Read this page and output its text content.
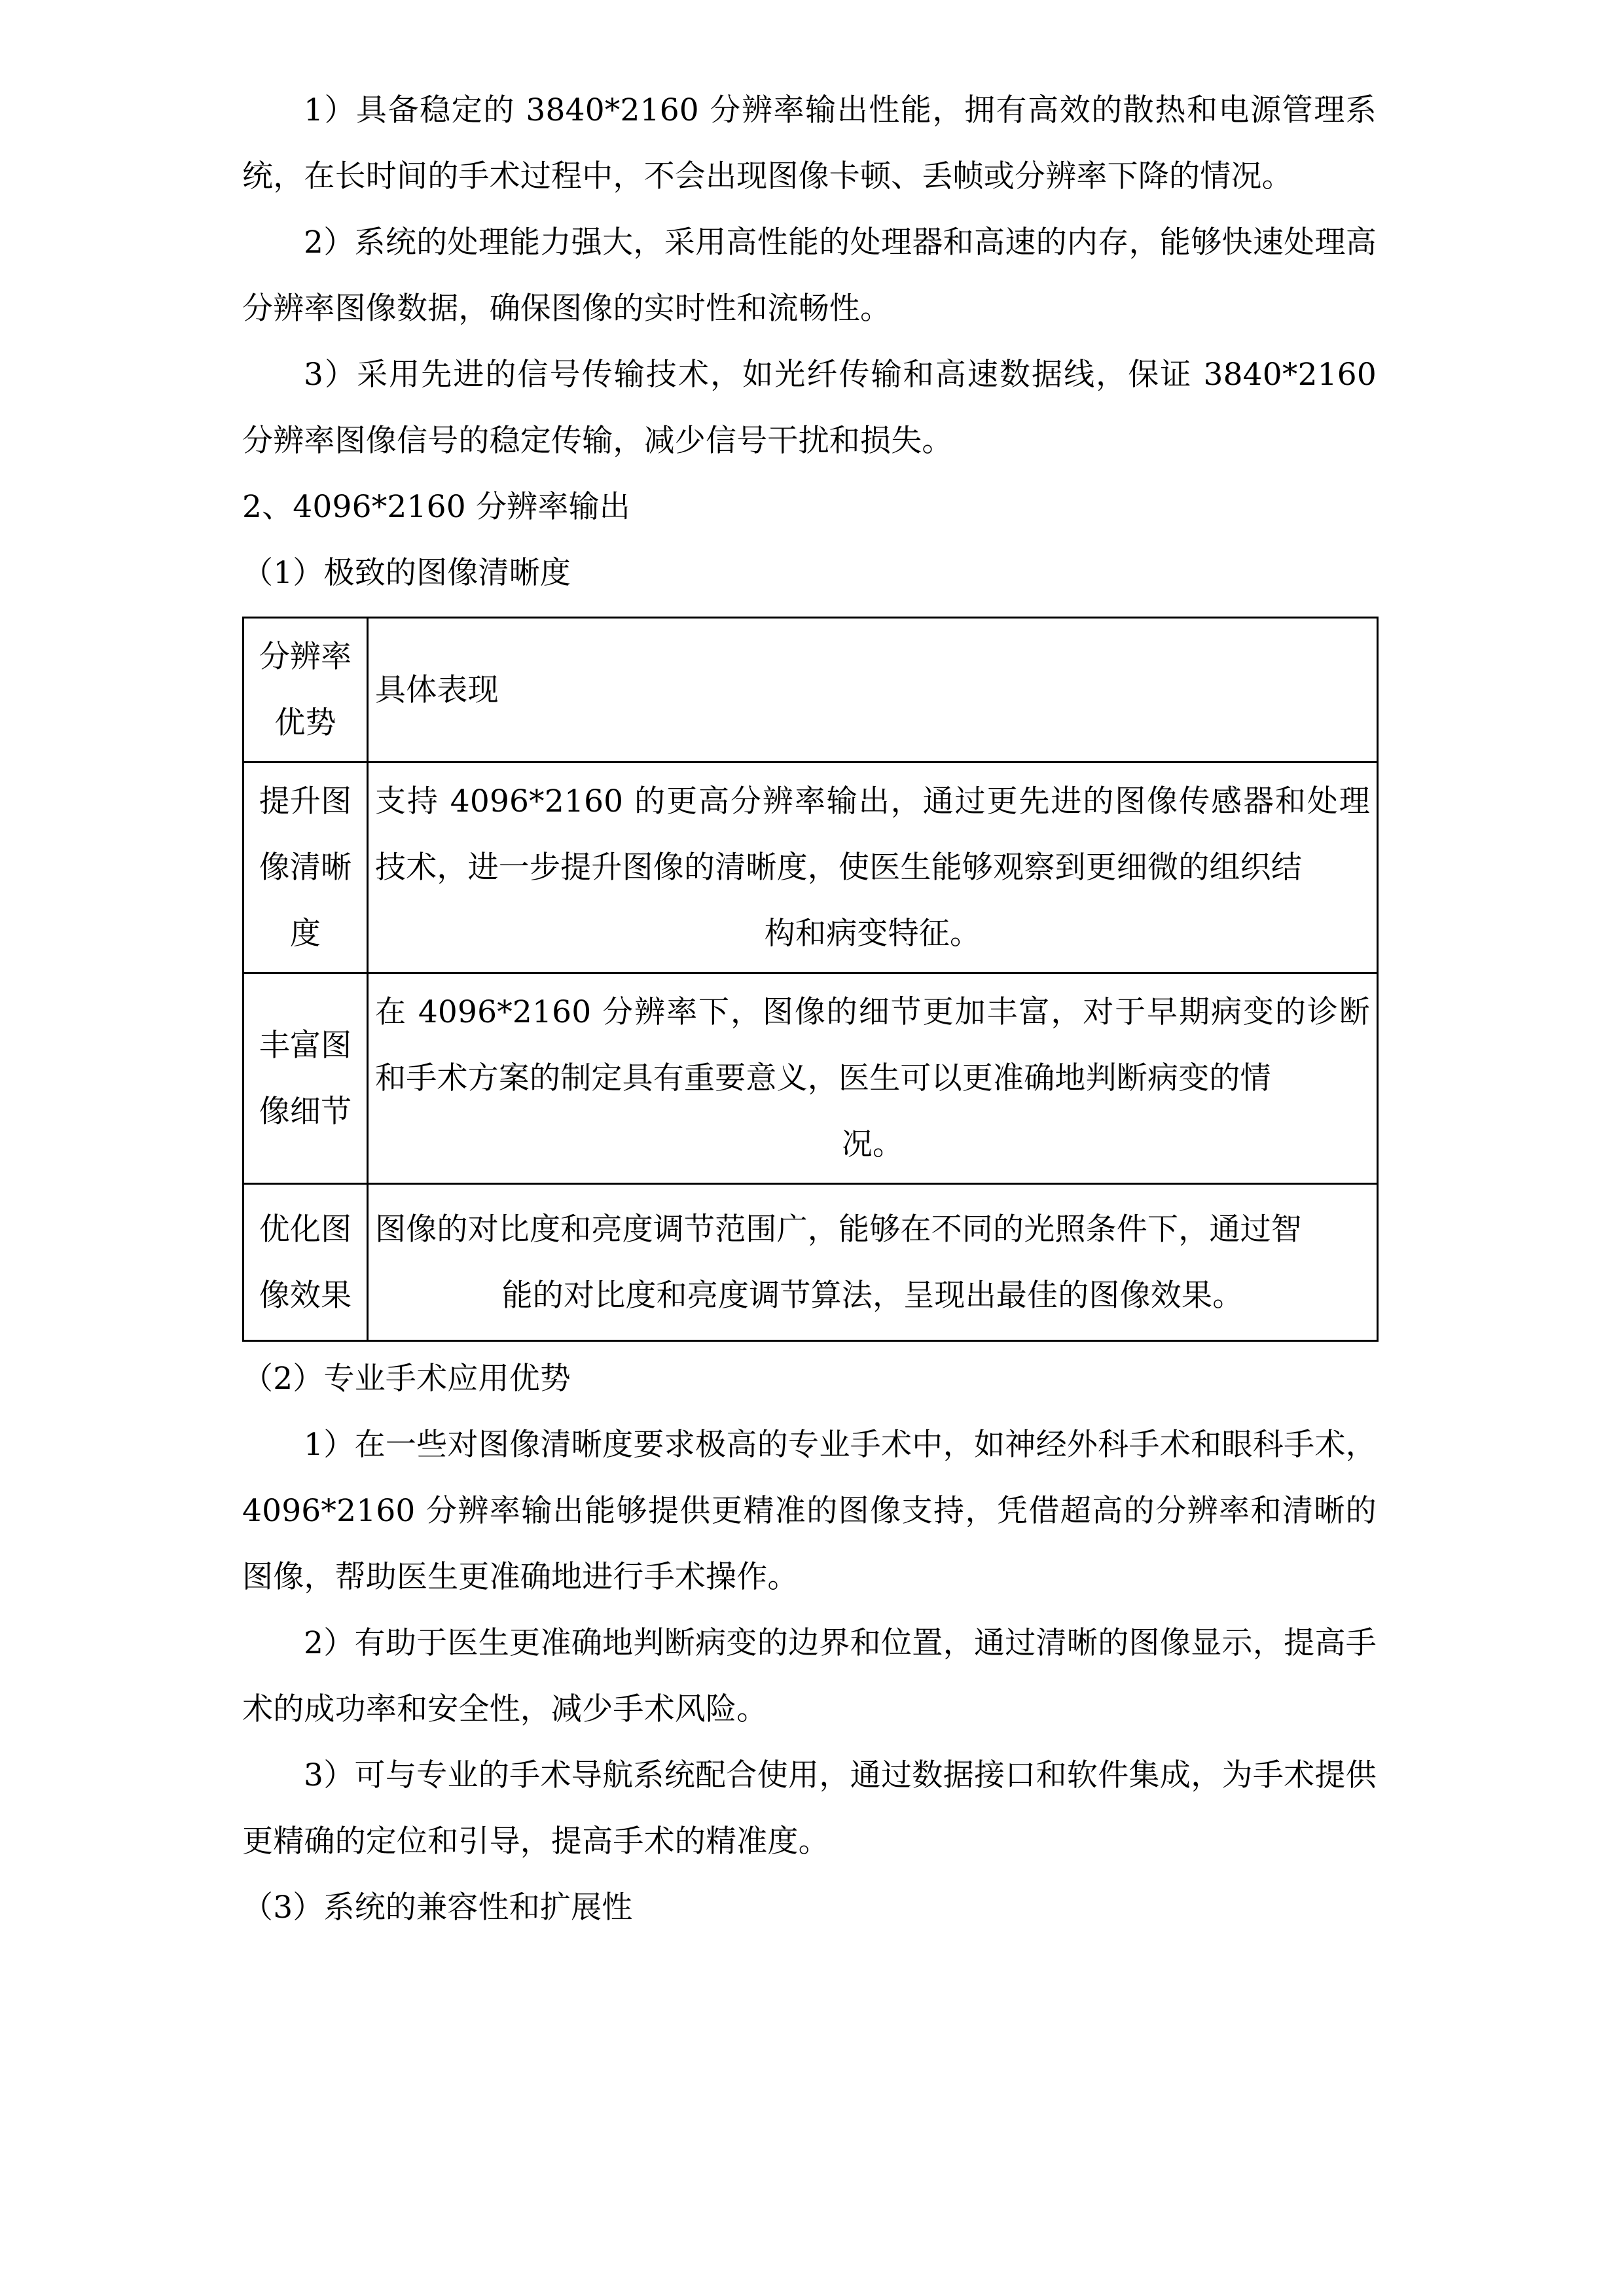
1）具备稳定的 3840*2160 分辨率输出性能，拥有高效的散热和电源管理系统，在长时间的手术过程中，不会出现图像卡顿、丢帧或分辨率下降的情况。

2）系统的处理能力强大，采用高性能的处理器和高速的内存，能够快速处理高分辨率图像数据，确保图像的实时性和流畅性。

3）采用先进的信号传输技术，如光纤传输和高速数据线，保证 3840*2160 分辨率图像信号的稳定传输，减少信号干扰和损失。

2、4096*2160 分辨率输出

（1）极致的图像清晰度

分辨率
优势	具体表现

提升图
像清晰
度	支持 4096*2160 的更高分辨率输出，通过更先进的图像传感器和处理技术，进一步提升图像的清晰度，使医生能够观察到更细微的组织结
构和病变特征。

丰富图
像细节	在 4096*2160 分辨率下，图像的细节更加丰富，对于早期病变的诊断和手术方案的制定具有重要意义，医生可以更准确地判断病变的情
况。

优化图
像效果	图像的对比度和亮度调节范围广，能够在不同的光照条件下，通过智
能的对比度和亮度调节算法，呈现出最佳的图像效果。

（2）专业手术应用优势

1）在一些对图像清晰度要求极高的专业手术中，如神经外科手术和眼科手术，4096*2160 分辨率输出能够提供更精准的图像支持，凭借超高的分辨率和清晰的图像，帮助医生更准确地进行手术操作。

2）有助于医生更准确地判断病变的边界和位置，通过清晰的图像显示，提高手术的成功率和安全性，减少手术风险。

3）可与专业的手术导航系统配合使用，通过数据接口和软件集成，为手术提供更精确的定位和引导，提高手术的精准度。

（3）系统的兼容性和扩展性
